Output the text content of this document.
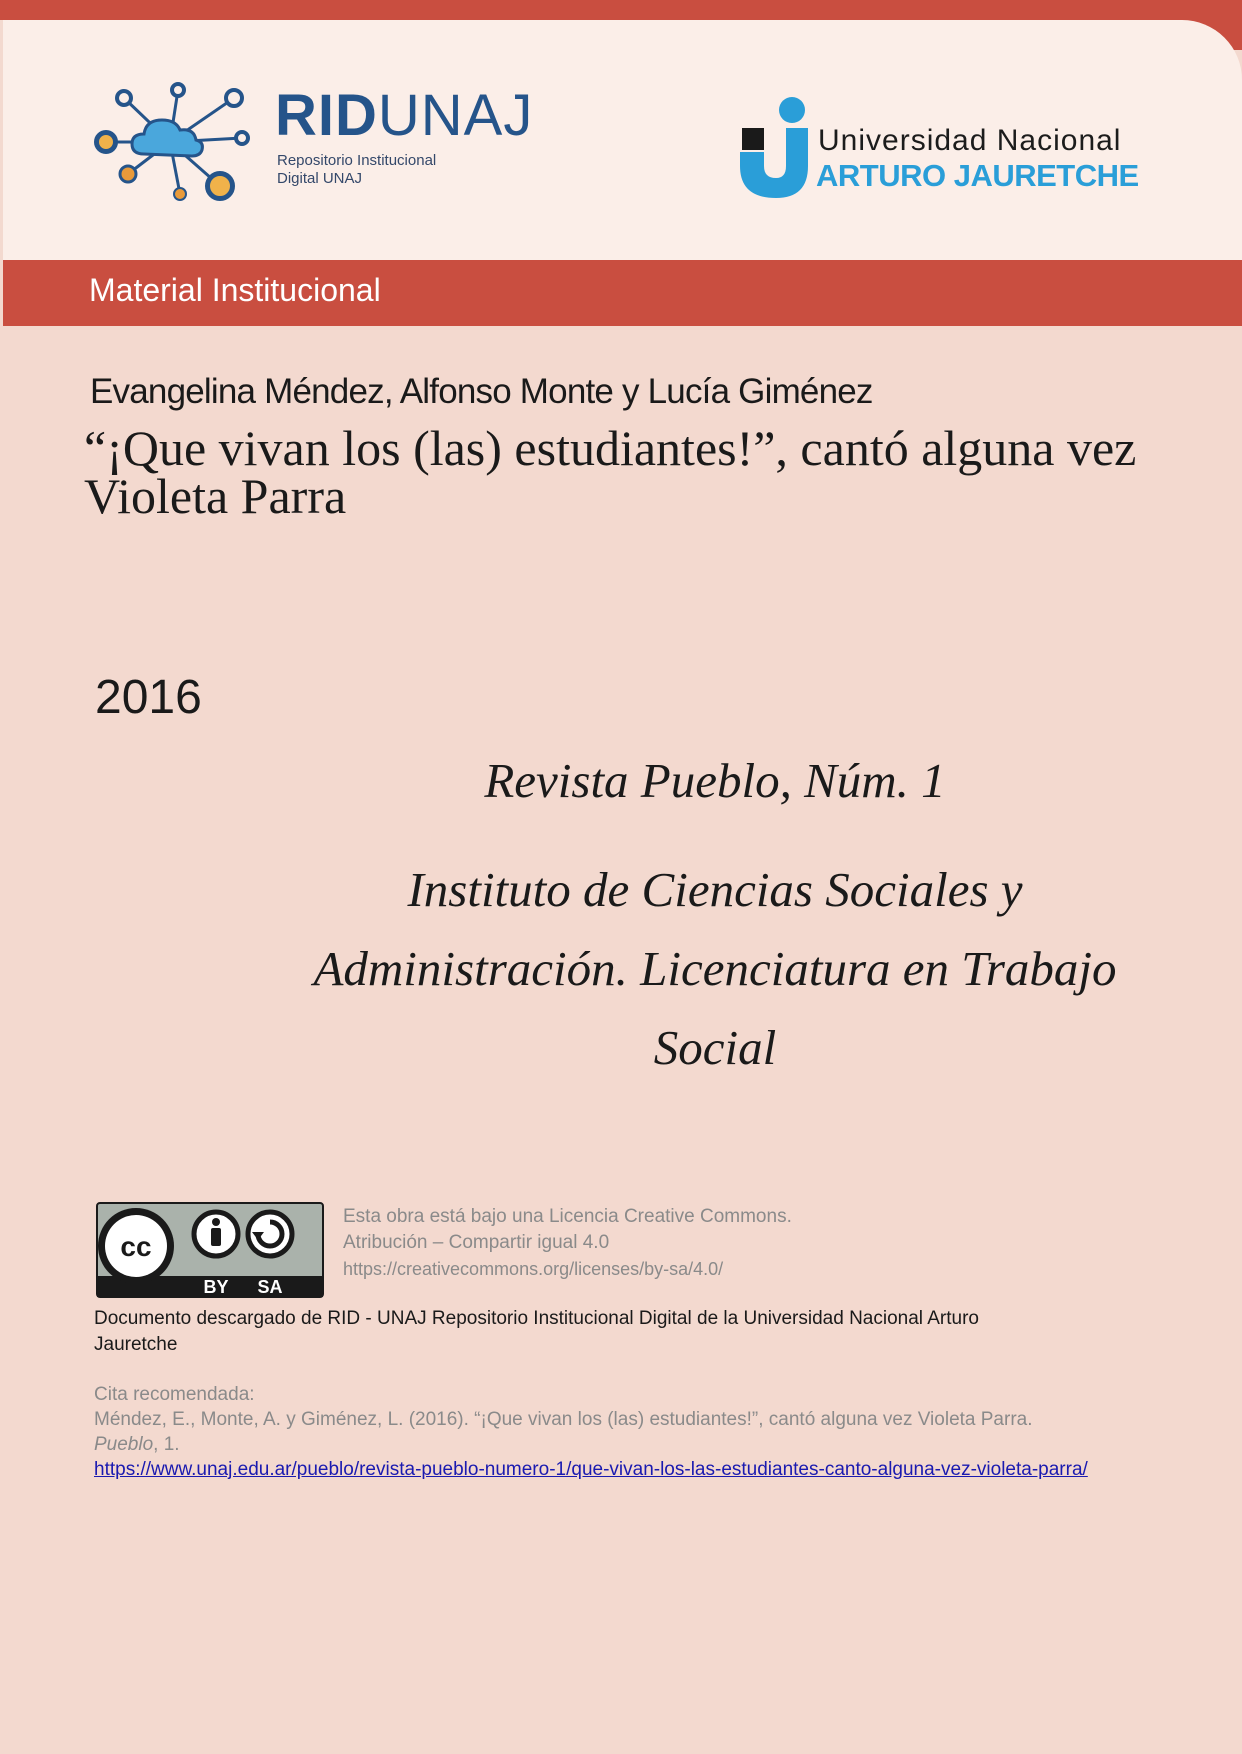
RIDUNAJ
Repositorio Institucional
Digital UNAJ
Universidad Nacional
ARTURO JAURETCHE
Material Institucional
Evangelina Méndez, Alfonso Monte y Lucía Giménez
“¡Que vivan los (las) estudiantes!”, cantó alguna vez Violeta Parra
2016
Revista Pueblo, Núm. 1
Instituto de Ciencias Sociales y Administración. Licenciatura en Trabajo Social
cc
BY SA
Esta obra está bajo una Licencia Creative Commons.
Atribución – Compartir igual 4.0
https://creativecommons.org/licenses/by-sa/4.0/
Documento descargado de RID - UNAJ Repositorio Institucional Digital de la Universidad Nacional Arturo Jauretche
Cita recomendada:
Méndez, E., Monte, A. y Giménez, L. (2016). “¡Que vivan los (las) estudiantes!”, cantó alguna vez Violeta Parra.
Pueblo, 1.
https://www.unaj.edu.ar/pueblo/revista-pueblo-numero-1/que-vivan-los-las-estudiantes-canto-alguna-vez-violeta-parra/
